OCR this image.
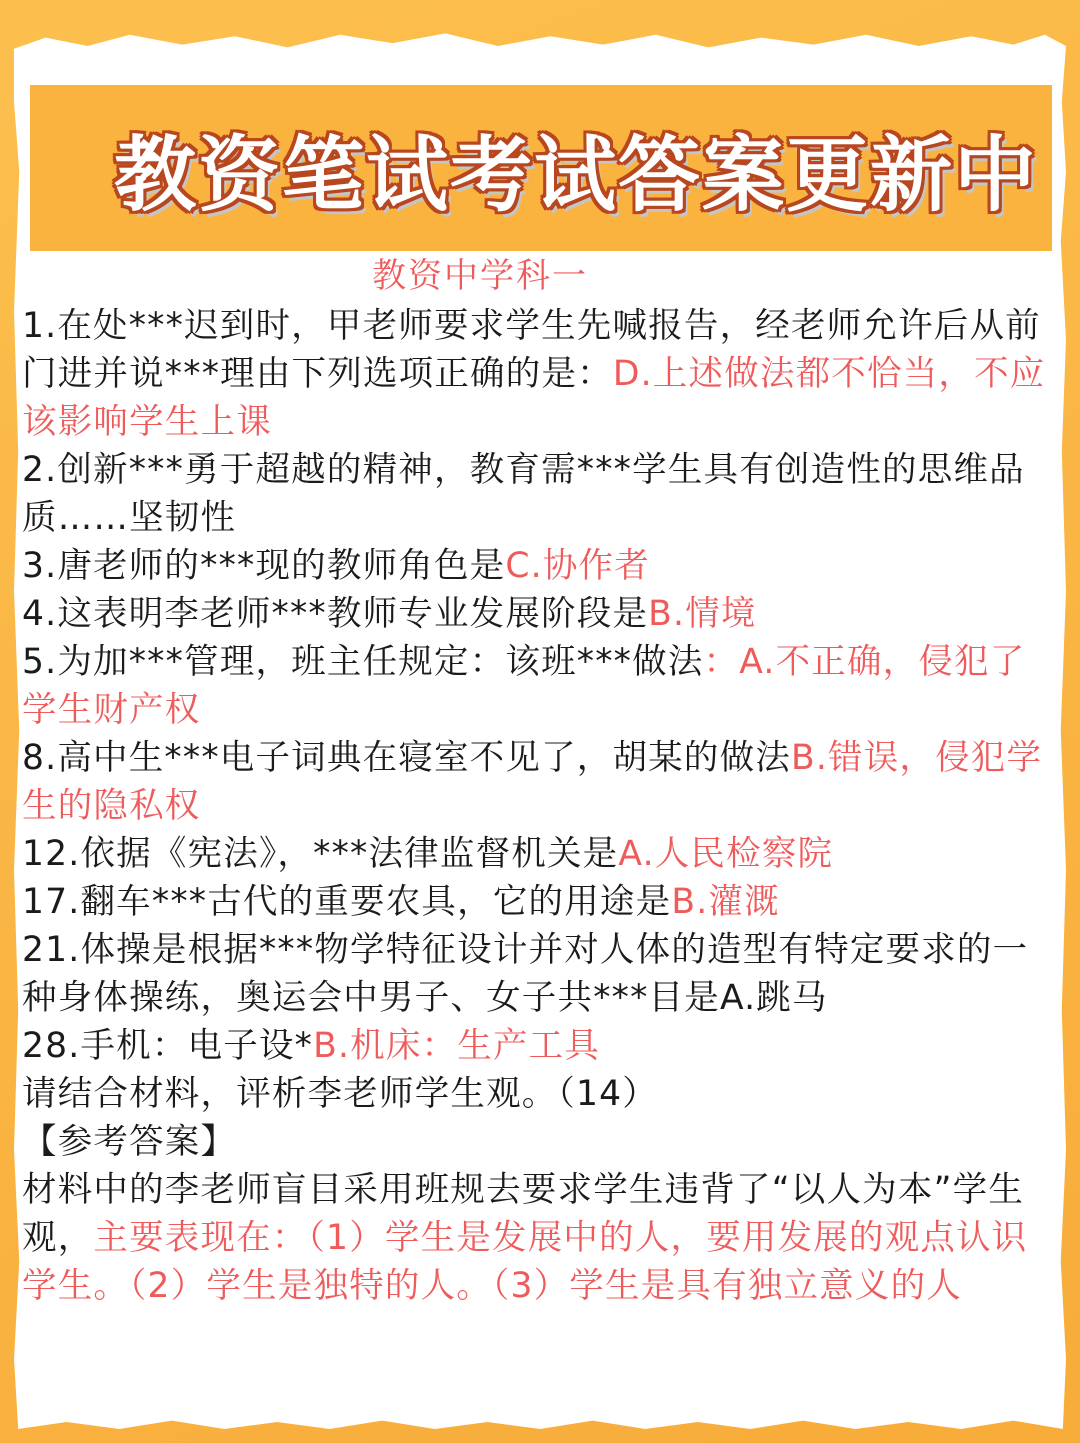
教资笔试考试答案更新中
教资中学科一

1.在处***迟到时，甲老师要求学生先喊报告，经老师允许后从前门进并说***理由下列选项正确的是：D.上述做法都不恰当，不应该影响学生上课

2.创新***勇于超越的精神，教育需***学生具有创造性的思维品质……坚韧性

3.唐老师的***现的教师角色是C.协作者

4.这表明李老师***教师专业发展阶段是B.情境

5.为加***管理，班主任规定：该班***做法：A.不正确，侵犯了学生财产权

8.高中生***电子词典在寝室不见了，胡某的做法B.错误，侵犯学生的隐私权

12.依据《宪法》，***法律监督机关是A.人民检察院

17.翻车***古代的重要农具，它的用途是B.灌溉

21.体操是根据***物学特征设计并对人体的造型有特定要求的一种身体操练，奥运会中男子、女子共***目是A.跳马

28.手机：电子设*B.机床：生产工具

请结合材料，评析李老师学生观。（14）

【参考答案】

材料中的李老师盲目采用班规去要求学生违背了“以人为本”学生观，主要表现在：（1）学生是发展中的人，要用发展的观点认识学生。（2）学生是独特的人。（3）学生是具有独立意义的人
